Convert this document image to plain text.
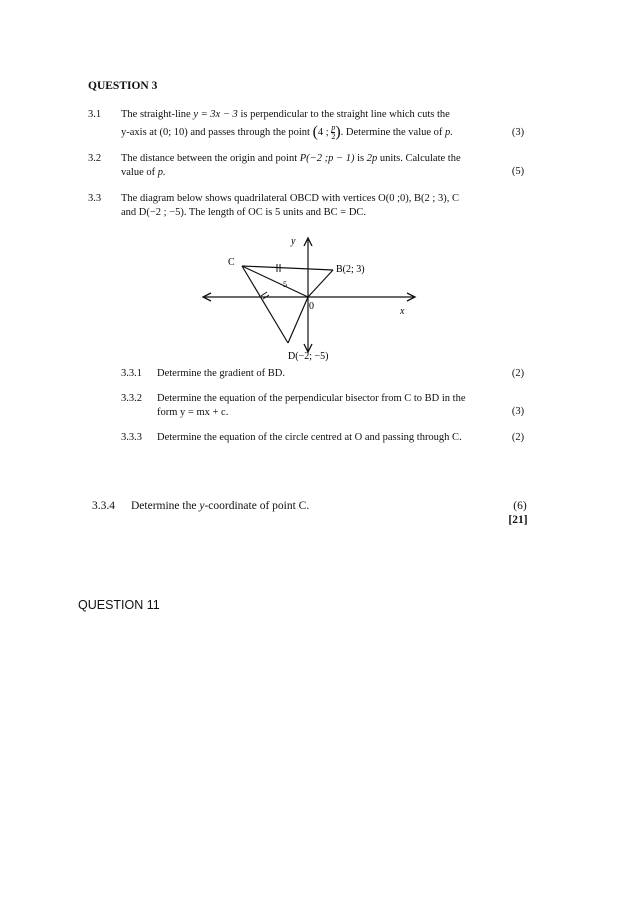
QUESTION 3
3.1 The straight-line y = 3x − 3 is perpendicular to the straight line which cuts the
y-axis at (0; 10) and passes through the point (4 ; $\frac{p}{2}$ ). Determine the value of p.	(3)
3.2 The distance between the origin and point P(−2 ;p − 1) is 2p units. Calculate the
value of p.	(5)
3.3 The diagram below shows quadrilateral OBCD with vertices O(0 ;0), B(2 ; 3), C
and D(−2 ; −5). The length of OC is 5 units and BC = DC.
y
x
C
B(2; 3)
0
5
D(−2; −5)
3.3.1 Determine the gradient of BD.	(2)
3.3.2 Determine the equation of the perpendicular bisector from C to BD in the
form y = mx + c.	(3)
3.3.3 Determine the equation of the circle centred at O and passing through C.	(2)
3.3.4 Determine the y-coordinate of point C.	(6)
[21]
QUESTION 11
